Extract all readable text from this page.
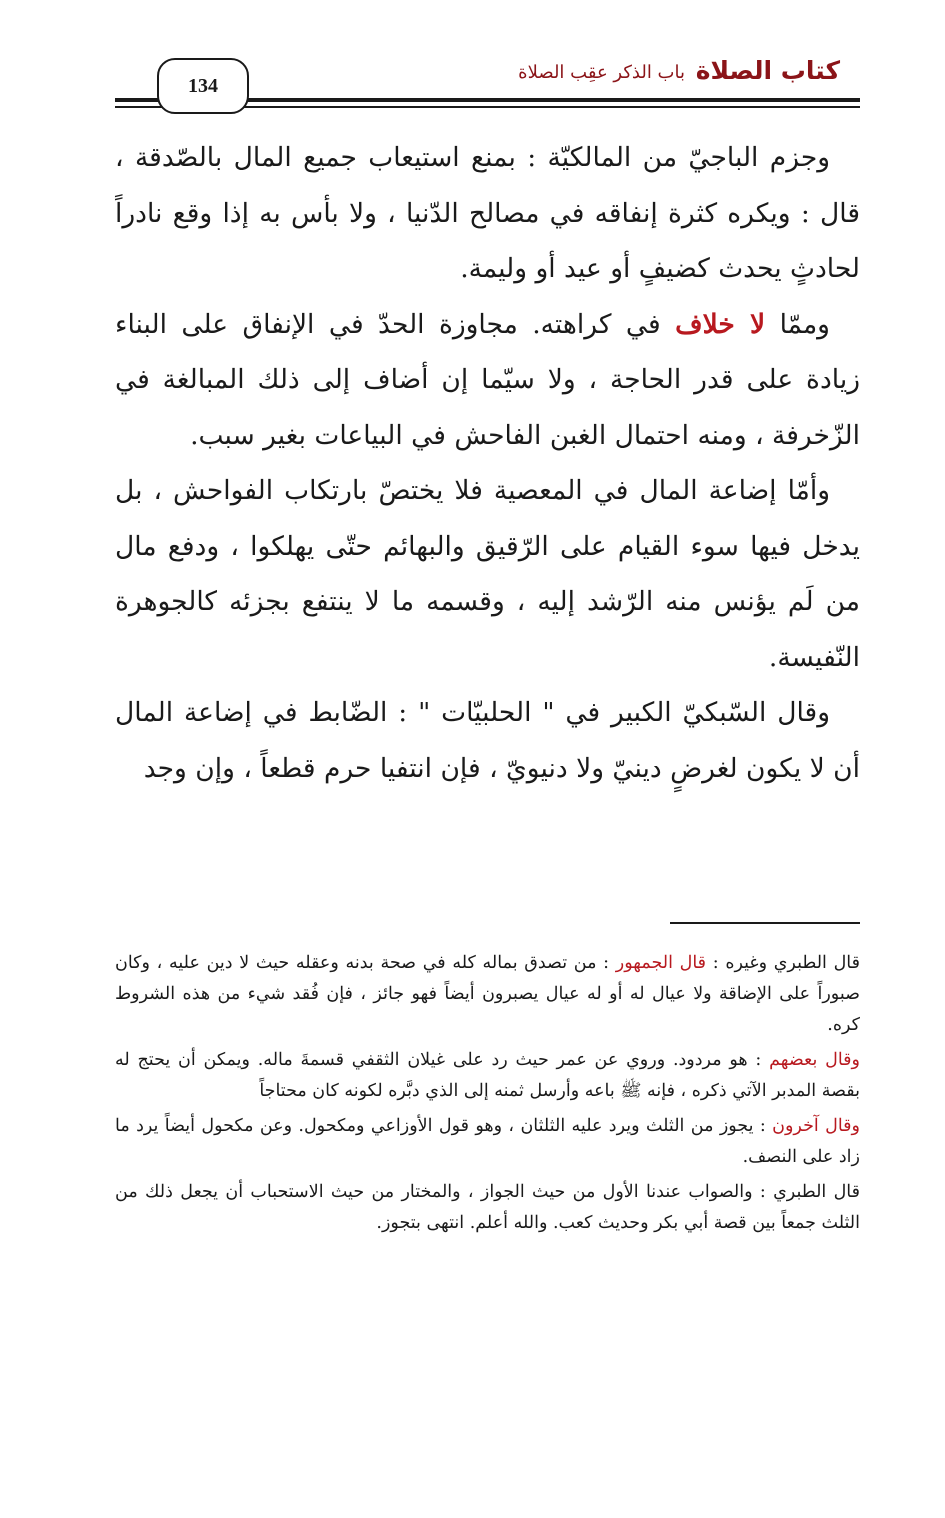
كتاب الصلاة
باب الذكر عقِب الصلاة
134

وجزم الباجيّ من المالكيّة : بمنع استيعاب جميع المال بالصّدقة ، قال : ويكره كثرة إنفاقه في مصالح الدّنيا ، ولا بأس به إذا وقع نادراً لحادثٍ يحدث كضيفٍ أو عيد أو وليمة.

وممّا لا خلاف في كراهته. مجاوزة الحدّ في الإنفاق على البناء زيادة على قدر الحاجة ، ولا سيّما إن أضاف إلى ذلك المبالغة في الزّخرفة ، ومنه احتمال الغبن الفاحش في البياعات بغير سبب.

وأمّا إضاعة المال في المعصية فلا يختصّ بارتكاب الفواحش ، بل يدخل فيها سوء القيام على الرّقيق والبهائم حتّى يهلكوا ، ودفع مال من لَم يؤنس منه الرّشد إليه ، وقسمه ما لا ينتفع بجزئه كالجوهرة النّفيسة.

وقال السّبكيّ الكبير في " الحلبيّات " : الضّابط في إضاعة المال أن لا يكون لغرضٍ دينيّ ولا دنيويّ ، فإن انتفيا حرم قطعاً ، وإن وجد

قال الطبري وغيره : قال الجمهور : من تصدق بماله كله في صحة بدنه وعقله حيث لا دين عليه ، وكان صبوراً على الإضاقة ولا عيال له أو له عيال يصبرون أيضاً فهو جائز ، فإن فُقد شيء من هذه الشروط كره.

وقال بعضهم : هو مردود. وروي عن عمر حيث رد على غيلان الثقفي قسمةَ ماله. ويمكن أن يحتج له بقصة المدبر الآتي ذكره ، فإنه ﷺ باعه وأرسل ثمنه إلى الذي دبَّره لكونه كان محتاجاً

وقال آخرون : يجوز من الثلث ويرد عليه الثلثان ، وهو قول الأوزاعي ومكحول. وعن مكحول أيضاً يرد ما زاد على النصف.

قال الطبري : والصواب عندنا الأول من حيث الجواز ، والمختار من حيث الاستحباب أن يجعل ذلك من الثلث جمعاً بين قصة أبي بكر وحديث كعب. والله أعلم. انتهى بتجوز.
